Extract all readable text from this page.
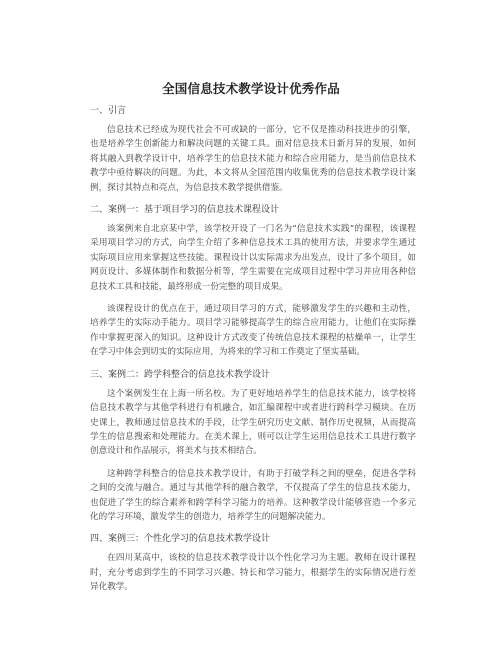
全国信息技术教学设计优秀作品
一、引言

信息技术已经成为现代社会不可或缺的一部分，它不仅是推动科技进步的引擎，也是培养学生创新能力和解决问题的关键工具。面对信息技术日新月异的发展，如何将其融入到教学设计中，培养学生的信息技术能力和综合应用能力，是当前信息技术教学中亟待解决的问题。为此，本文将从全国范围内收集优秀的信息技术教学设计案例，探讨其特点和亮点，为信息技术教学提供借鉴。

二、案例一：基于项目学习的信息技术课程设计

该案例来自北京某中学，该学校开设了一门名为“信息技术实践”的课程，该课程采用项目学习的方式，向学生介绍了多种信息技术工具的使用方法，并要求学生通过实际项目应用来掌握这些技能。课程设计以实际需求为出发点，设计了多个项目，如网页设计、多媒体制作和数据分析等，学生需要在完成项目过程中学习并应用各种信息技术工具和技能，最终形成一份完整的项目成果。

该课程设计的优点在于，通过项目学习的方式，能够激发学生的兴趣和主动性，培养学生的实际动手能力。项目学习能够提高学生的综合应用能力，让他们在实际操作中掌握更深入的知识。这种设计方式改变了传统信息技术课程的枯燥单一，让学生在学习中体会到切实的实际应用，为将来的学习和工作奠定了坚实基础。

三、案例二：跨学科整合的信息技术教学设计

这个案例发生在上海一所名校。为了更好地培养学生的信息技术能力，该学校将信息技术教学与其他学科进行有机融合，如汇编课程中或者进行跨科学习模块。在历史课上，教师通过信息技术的手段，让学生研究历史文献、制作历史视频，从而提高学生的信息搜索和处理能力。在美术课上，则可以让学生运用信息技术工具进行数字创意设计和作品展示，将美术与技术相结合。

这种跨学科整合的信息技术教学设计，有助于打破学科之间的壁垒，促进各学科之间的交流与融合。通过与其他学科的融合教学，不仅提高了学生的信息技术能力，也促进了学生的综合素养和跨学科学习能力的培养。这种教学设计能够营造一个多元化的学习环境，激发学生的创造力，培养学生的问题解决能力。

四、案例三：个性化学习的信息技术教学设计

在四川某高中，该校的信息技术教学设计以个性化学习为主题。教师在设计课程时，充分考虑到学生的不同学习兴趣、特长和学习能力，根据学生的实际情况进行差异化教学。
